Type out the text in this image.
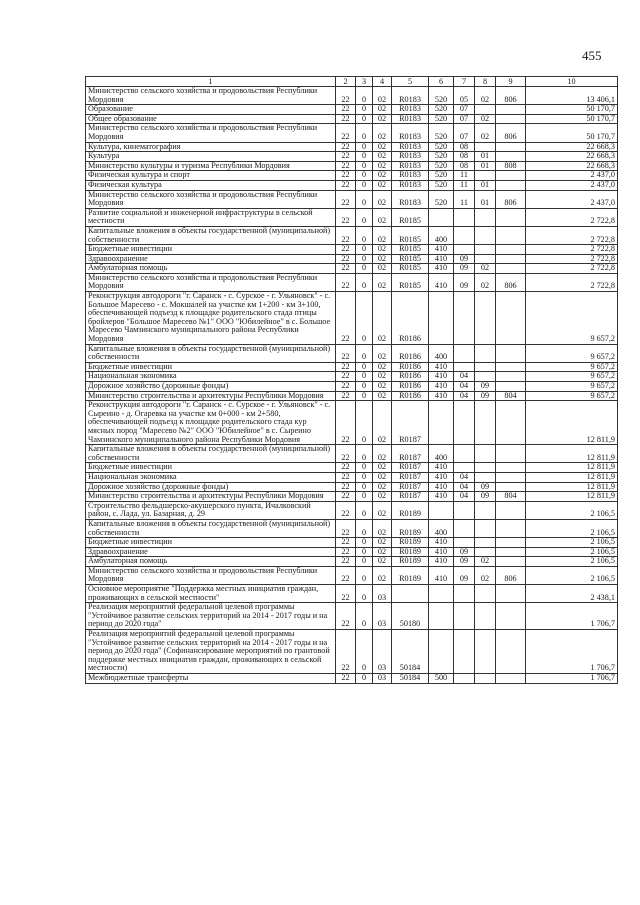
455
1	2	3	4	5	6	7	8	9	10
Министерство сельского хозяйства и продовольствия Республики Мордовия	22	0	02	R0183	520	05	02	806	13 406,1
Образование	22	0	02	R0183	520	07			50 170,7
Общее образование	22	0	02	R0183	520	07	02		50 170,7
Министерство сельского хозяйства и продовольствия Республики Мордовия	22	0	02	R0183	520	07	02	806	50 170,7
Культура, кинематография	22	0	02	R0183	520	08			22 668,3
Культура	22	0	02	R0183	520	08	01		22 668,3
Министерство культуры и туризма Республики Мордовия	22	0	02	R0183	520	08	01	808	22 668,3
Физическая культура и спорт	22	0	02	R0183	520	11			2 437,0
Физическая культура	22	0	02	R0183	520	11	01		2 437,0
Министерство сельского хозяйства и продовольствия Республики Мордовия	22	0	02	R0183	520	11	01	806	2 437,0
Развитие социальной и инженерной инфраструктуры в сельской местности	22	0	02	R0185					2 722,8
Капитальные вложения в объекты государственной (муниципальной) собственности	22	0	02	R0185	400				2 722,8
Бюджетные инвестиции	22	0	02	R0185	410				2 722,8
Здравоохранение	22	0	02	R0185	410	09			2 722,8
Амбулаторная помощь	22	0	02	R0185	410	09	02		2 722,8
Министерство сельского хозяйства и продовольствия Республики Мордовия	22	0	02	R0185	410	09	02	806	2 722,8
Реконструкция автодороги "г. Саранск - с. Сурское - г. Ульяновск" - с. Большое Маресево - с. Мокшалей на участке км 1+200 - км 3+100, обеспечивающей подъезд к площадке родительского стада птицы бройлеров "Большое Маресево №1" ООО "Юбилейное" в с. Большое Маресево Чамзинского муниципального района Республики Мордовия	22	0	02	R0186					9 657,2
Капитальные вложения в объекты государственной (муниципальной) собственности	22	0	02	R0186	400				9 657,2
Бюджетные инвестиции	22	0	02	R0186	410				9 657,2
Национальная экономика	22	0	02	R0186	410	04			9 657,2
Дорожное хозяйство (дорожные фонды)	22	0	02	R0186	410	04	09		9 657,2
Министерство строительства и архитектуры Республики Мордовия	22	0	02	R0186	410	04	09	804	9 657,2
Реконструкция автодороги "г. Саранск - с. Сурское - г. Ульяновск" - с. Сыреино - д. Огаревка на участке км 0+000 - км 2+580, обеспечивающей подъезд к площадке родительского стада кур мясных пород "Маресево №2" ООО "Юбилейное" в с. Сыреино Чамзинского муниципального района Республики Мордовия	22	0	02	R0187					12 811,9
Капитальные вложения в объекты государственной (муниципальной) собственности	22	0	02	R0187	400				12 811,9
Бюджетные инвестиции	22	0	02	R0187	410				12 811,9
Национальная экономика	22	0	02	R0187	410	04			12 811,9
Дорожное хозяйство (дорожные фонды)	22	0	02	R0187	410	04	09		12 811,9
Министерство строительства и архитектуры Республики Мордовия	22	0	02	R0187	410	04	09	804	12 811,9
Строительство фельдшерско-акушерского пункта, Ичалковский район, с. Лада, ул. Базарная, д. 29	22	0	02	R0189					2 106,5
Капитальные вложения в объекты государственной (муниципальной) собственности	22	0	02	R0189	400				2 106,5
Бюджетные инвестиции	22	0	02	R0189	410				2 106,5
Здравоохранение	22	0	02	R0189	410	09			2 106,5
Амбулаторная помощь	22	0	02	R0189	410	09	02		2 106,5
Министерство сельского хозяйства и продовольствия Республики Мордовия	22	0	02	R0189	410	09	02	806	2 106,5
Основное мероприятие "Поддержка местных инициатив граждан, проживающих в сельской местности"	22	0	03						2 438,1
Реализация мероприятий федеральной целевой программы "Устойчивое развитие сельских территорий на 2014 - 2017 годы и на период до 2020 года"	22	0	03	50180					1 706,7
Реализация мероприятий федеральной целевой программы "Устойчивое развитие сельских территорий на 2014 - 2017 годы и на период до 2020 года" (Софинансирование мероприятий по грантовой поддержке местных инициатив граждан, проживающих в сельской местности)	22	0	03	50184					1 706,7
Межбюджетные трансферты	22	0	03	50184	500				1 706,7
